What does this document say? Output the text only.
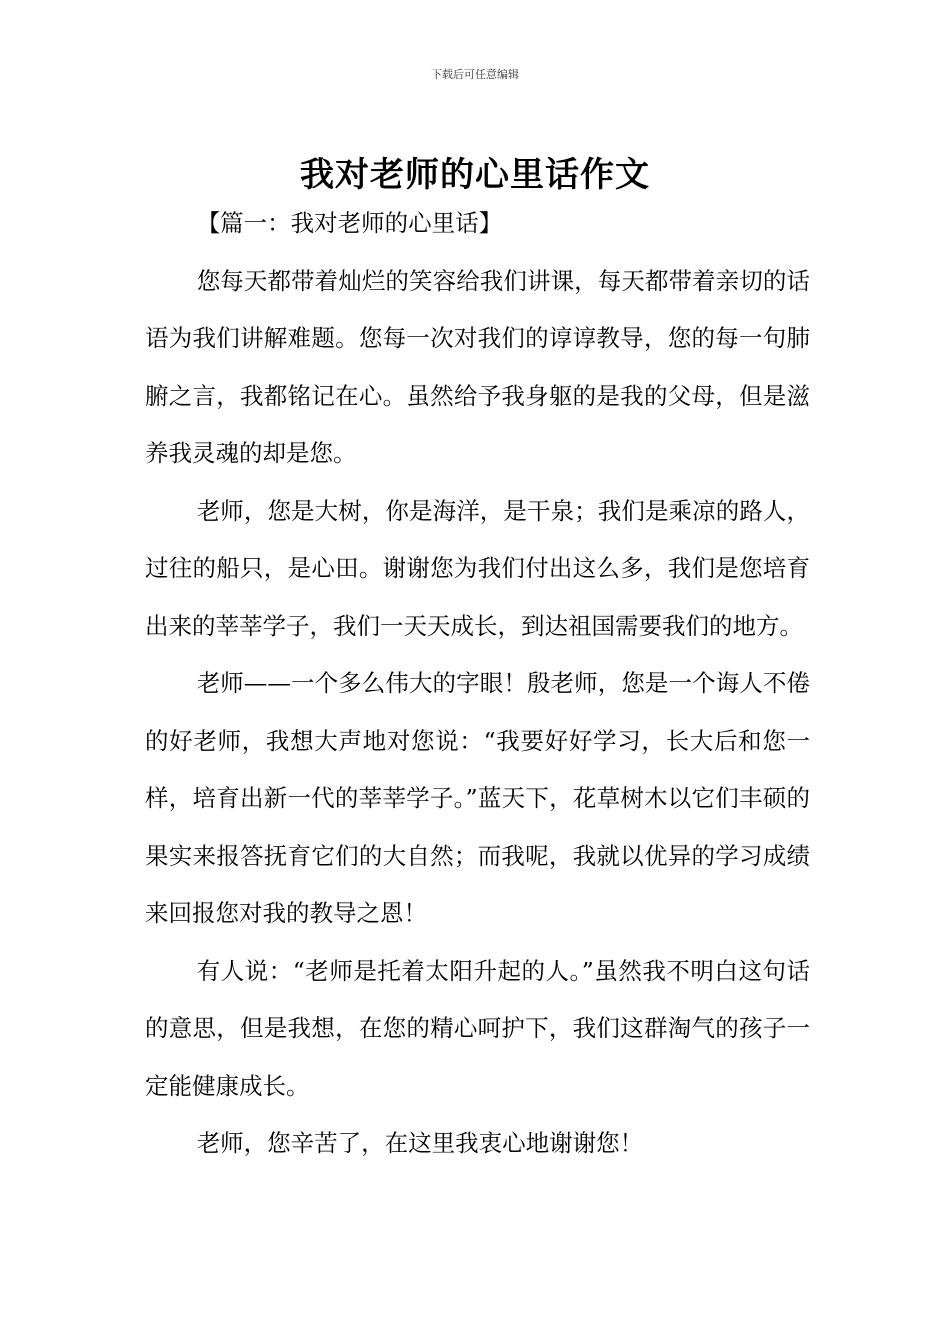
下载后可任意编辑
我对老师的心里话作文

【篇一：我对老师的心里话】

您每天都带着灿烂的笑容给我们讲课，每天都带着亲切的话语为我们讲解难题。您每一次对我们的谆谆教导，您的每一句肺腑之言，我都铭记在心。虽然给予我身躯的是我的父母，但是滋养我灵魂的却是您。

老师，您是大树，你是海洋，是干泉；我们是乘凉的路人，过往的船只，是心田。谢谢您为我们付出这么多，我们是您培育出来的莘莘学子，我们一天天成长，到达祖国需要我们的地方。

老师——一个多么伟大的字眼！殷老师，您是一个诲人不倦的好老师，我想大声地对您说：“我要好好学习，长大后和您一样，培育出新一代的莘莘学子。”蓝天下，花草树木以它们丰硕的果实来报答抚育它们的大自然；而我呢，我就以优异的学习成绩来回报您对我的教导之恩！

有人说：“老师是托着太阳升起的人。”虽然我不明白这句话的意思，但是我想，在您的精心呵护下，我们这群淘气的孩子一定能健康成长。

老师，您辛苦了，在这里我衷心地谢谢您！
